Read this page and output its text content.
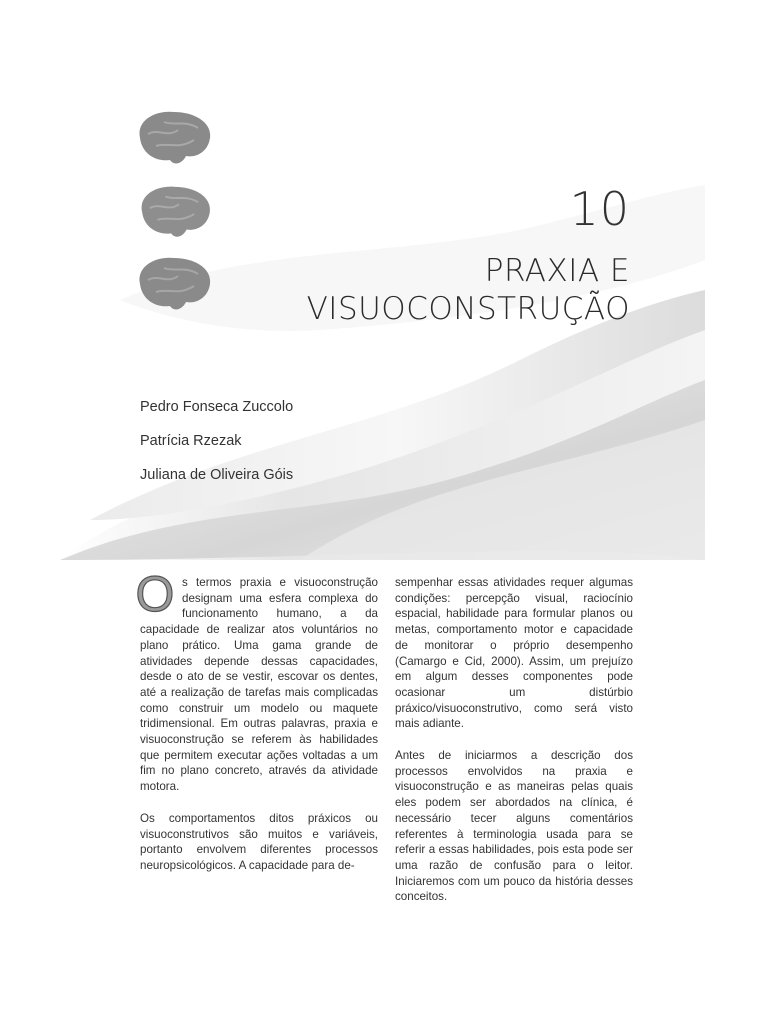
10
PRAXIA E
VISUOCONSTRUÇÃO

Pedro Fonseca Zuccolo

Patrícia Rzezak

Juliana de Oliveira Góis

O s termos praxia e visuoconstrução designam uma esfera complexa do funcionamento humano, a da capacidade de realizar atos voluntários no plano prático. Uma gama grande de atividades depende dessas capacidades, desde o ato de se vestir, escovar os dentes, até a realização de tarefas mais complicadas como construir um modelo ou maquete tridimensional. Em outras palavras, praxia e visuoconstrução se referem às habilidades que permitem executar ações voltadas a um fim no plano concreto, através da atividade motora.

Os comportamentos ditos práxicos ou visuoconstrutivos são muitos e variáveis, portanto envolvem diferentes processos neuropsicológicos. A capacidade para de-

sempenhar essas atividades requer algumas condições: percepção visual, raciocínio espacial, habilidade para formular planos ou metas, comportamento motor e capacidade de monitorar o próprio desempenho (Camargo e Cid, 2000). Assim, um prejuízo em algum desses componentes pode ocasionar um distúrbio práxico/visuoconstrutivo, como será visto mais adiante.

Antes de iniciarmos a descrição dos processos envolvidos na praxia e visuoconstrução e as maneiras pelas quais eles podem ser abordados na clínica, é necessário tecer alguns comentários referentes à terminologia usada para se referir a essas habilidades, pois esta pode ser uma razão de confusão para o leitor. Iniciaremos com um pouco da história desses conceitos.
